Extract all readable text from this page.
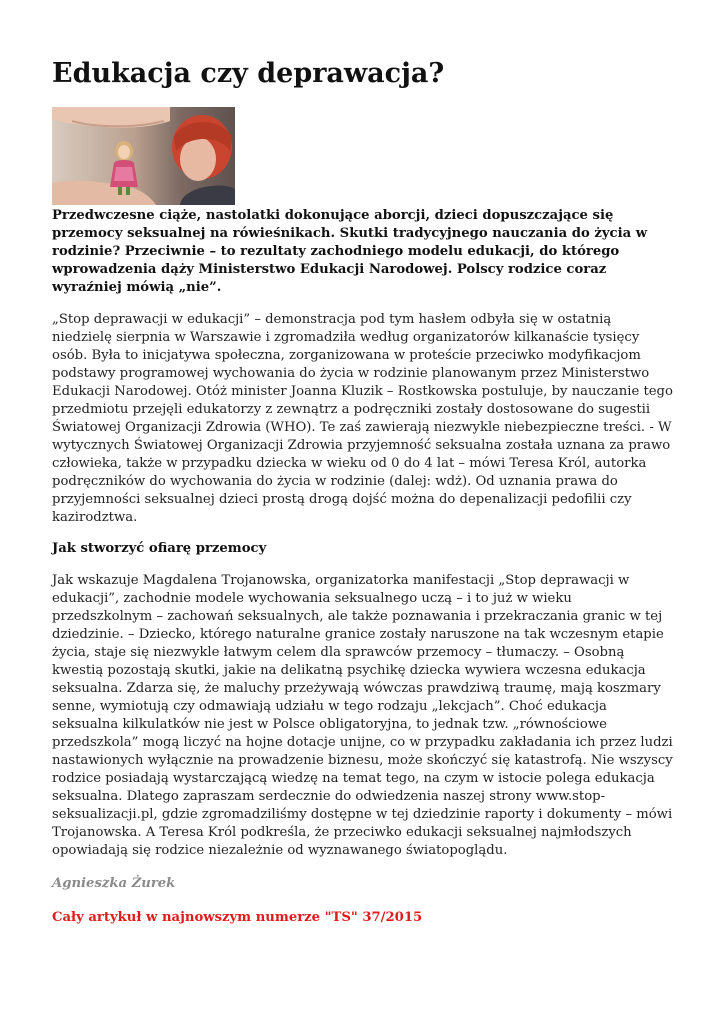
Edukacja czy deprawacja?

Przedwczesne ciąże, nastolatki dokonujące aborcji, dzieci dopuszczające się przemocy seksualnej na rówieśnikach. Skutki tradycyjnego nauczania do życia w rodzinie? Przeciwnie – to rezultaty zachodniego modelu edukacji, do którego wprowadzenia dąży Ministerstwo Edukacji Narodowej. Polscy rodzice coraz wyraźniej mówią „nie”.

„Stop deprawacji w edukacji” – demonstracja pod tym hasłem odbyła się w ostatnią niedzielę sierpnia w Warszawie i zgromadziła według organizatorów kilkanaście tysięcy osób. Była to inicjatywa społeczna, zorganizowana w proteście przeciwko modyfikacjom podstawy programowej wychowania do życia w rodzinie planowanym przez Ministerstwo Edukacji Narodowej. Otóż minister Joanna Kluzik – Rostkowska postuluje, by nauczanie tego przedmiotu przejęli edukatorzy z zewnątrz a podręczniki zostały dostosowane do sugestii Światowej Organizacji Zdrowia (WHO). Te zaś zawierają niezwykle niebezpieczne treści. - W wytycznych Światowej Organizacji Zdrowia przyjemność seksualna została uznana za prawo człowieka, także w przypadku dziecka w wieku od 0 do 4 lat – mówi Teresa Król, autorka podręczników do wychowania do życia w rodzinie (dalej: wdż). Od uznania prawa do przyjemności seksualnej dzieci prostą drogą dojść można do depenalizacji pedofilii czy kazirodztwa.

Jak stworzyć ofiarę przemocy

Jak wskazuje Magdalena Trojanowska, organizatorka manifestacji „Stop deprawacji w edukacji”, zachodnie modele wychowania seksualnego uczą – i to już w wieku przedszkolnym – zachowań seksualnych, ale także poznawania i przekraczania granic w tej dziedzinie. – Dziecko, którego naturalne granice zostały naruszone na tak wczesnym etapie życia, staje się niezwykle łatwym celem dla sprawców przemocy – tłumaczy. – Osobną kwestią pozostają skutki, jakie na delikatną psychikę dziecka wywiera wczesna edukacja seksualna. Zdarza się, że maluchy przeżywają wówczas prawdziwą traumę, mają koszmary senne, wymiotują czy odmawiają udziału w tego rodzaju „lekcjach”. Choć edukacja seksualna kilkulatków nie jest w Polsce obligatoryjna, to jednak tzw. „równościowe przedszkola” mogą liczyć na hojne dotacje unijne, co w przypadku zakładania ich przez ludzi nastawionych wyłącznie na prowadzenie biznesu, może skończyć się katastrofą. Nie wszyscy rodzice posiadają wystarczającą wiedzę na temat tego, na czym w istocie polega edukacja seksualna. Dlatego zapraszam serdecznie do odwiedzenia naszej strony www.stop-seksualizacji.pl, gdzie zgromadziliśmy dostępne w tej dziedzinie raporty i dokumenty – mówi Trojanowska. A Teresa Król podkreśla, że przeciwko edukacji seksualnej najmłodszych opowiadają się rodzice niezależnie od wyznawanego światopoglądu.

Agnieszka Żurek

Cały artykuł w najnowszym numerze "TS" 37/2015
